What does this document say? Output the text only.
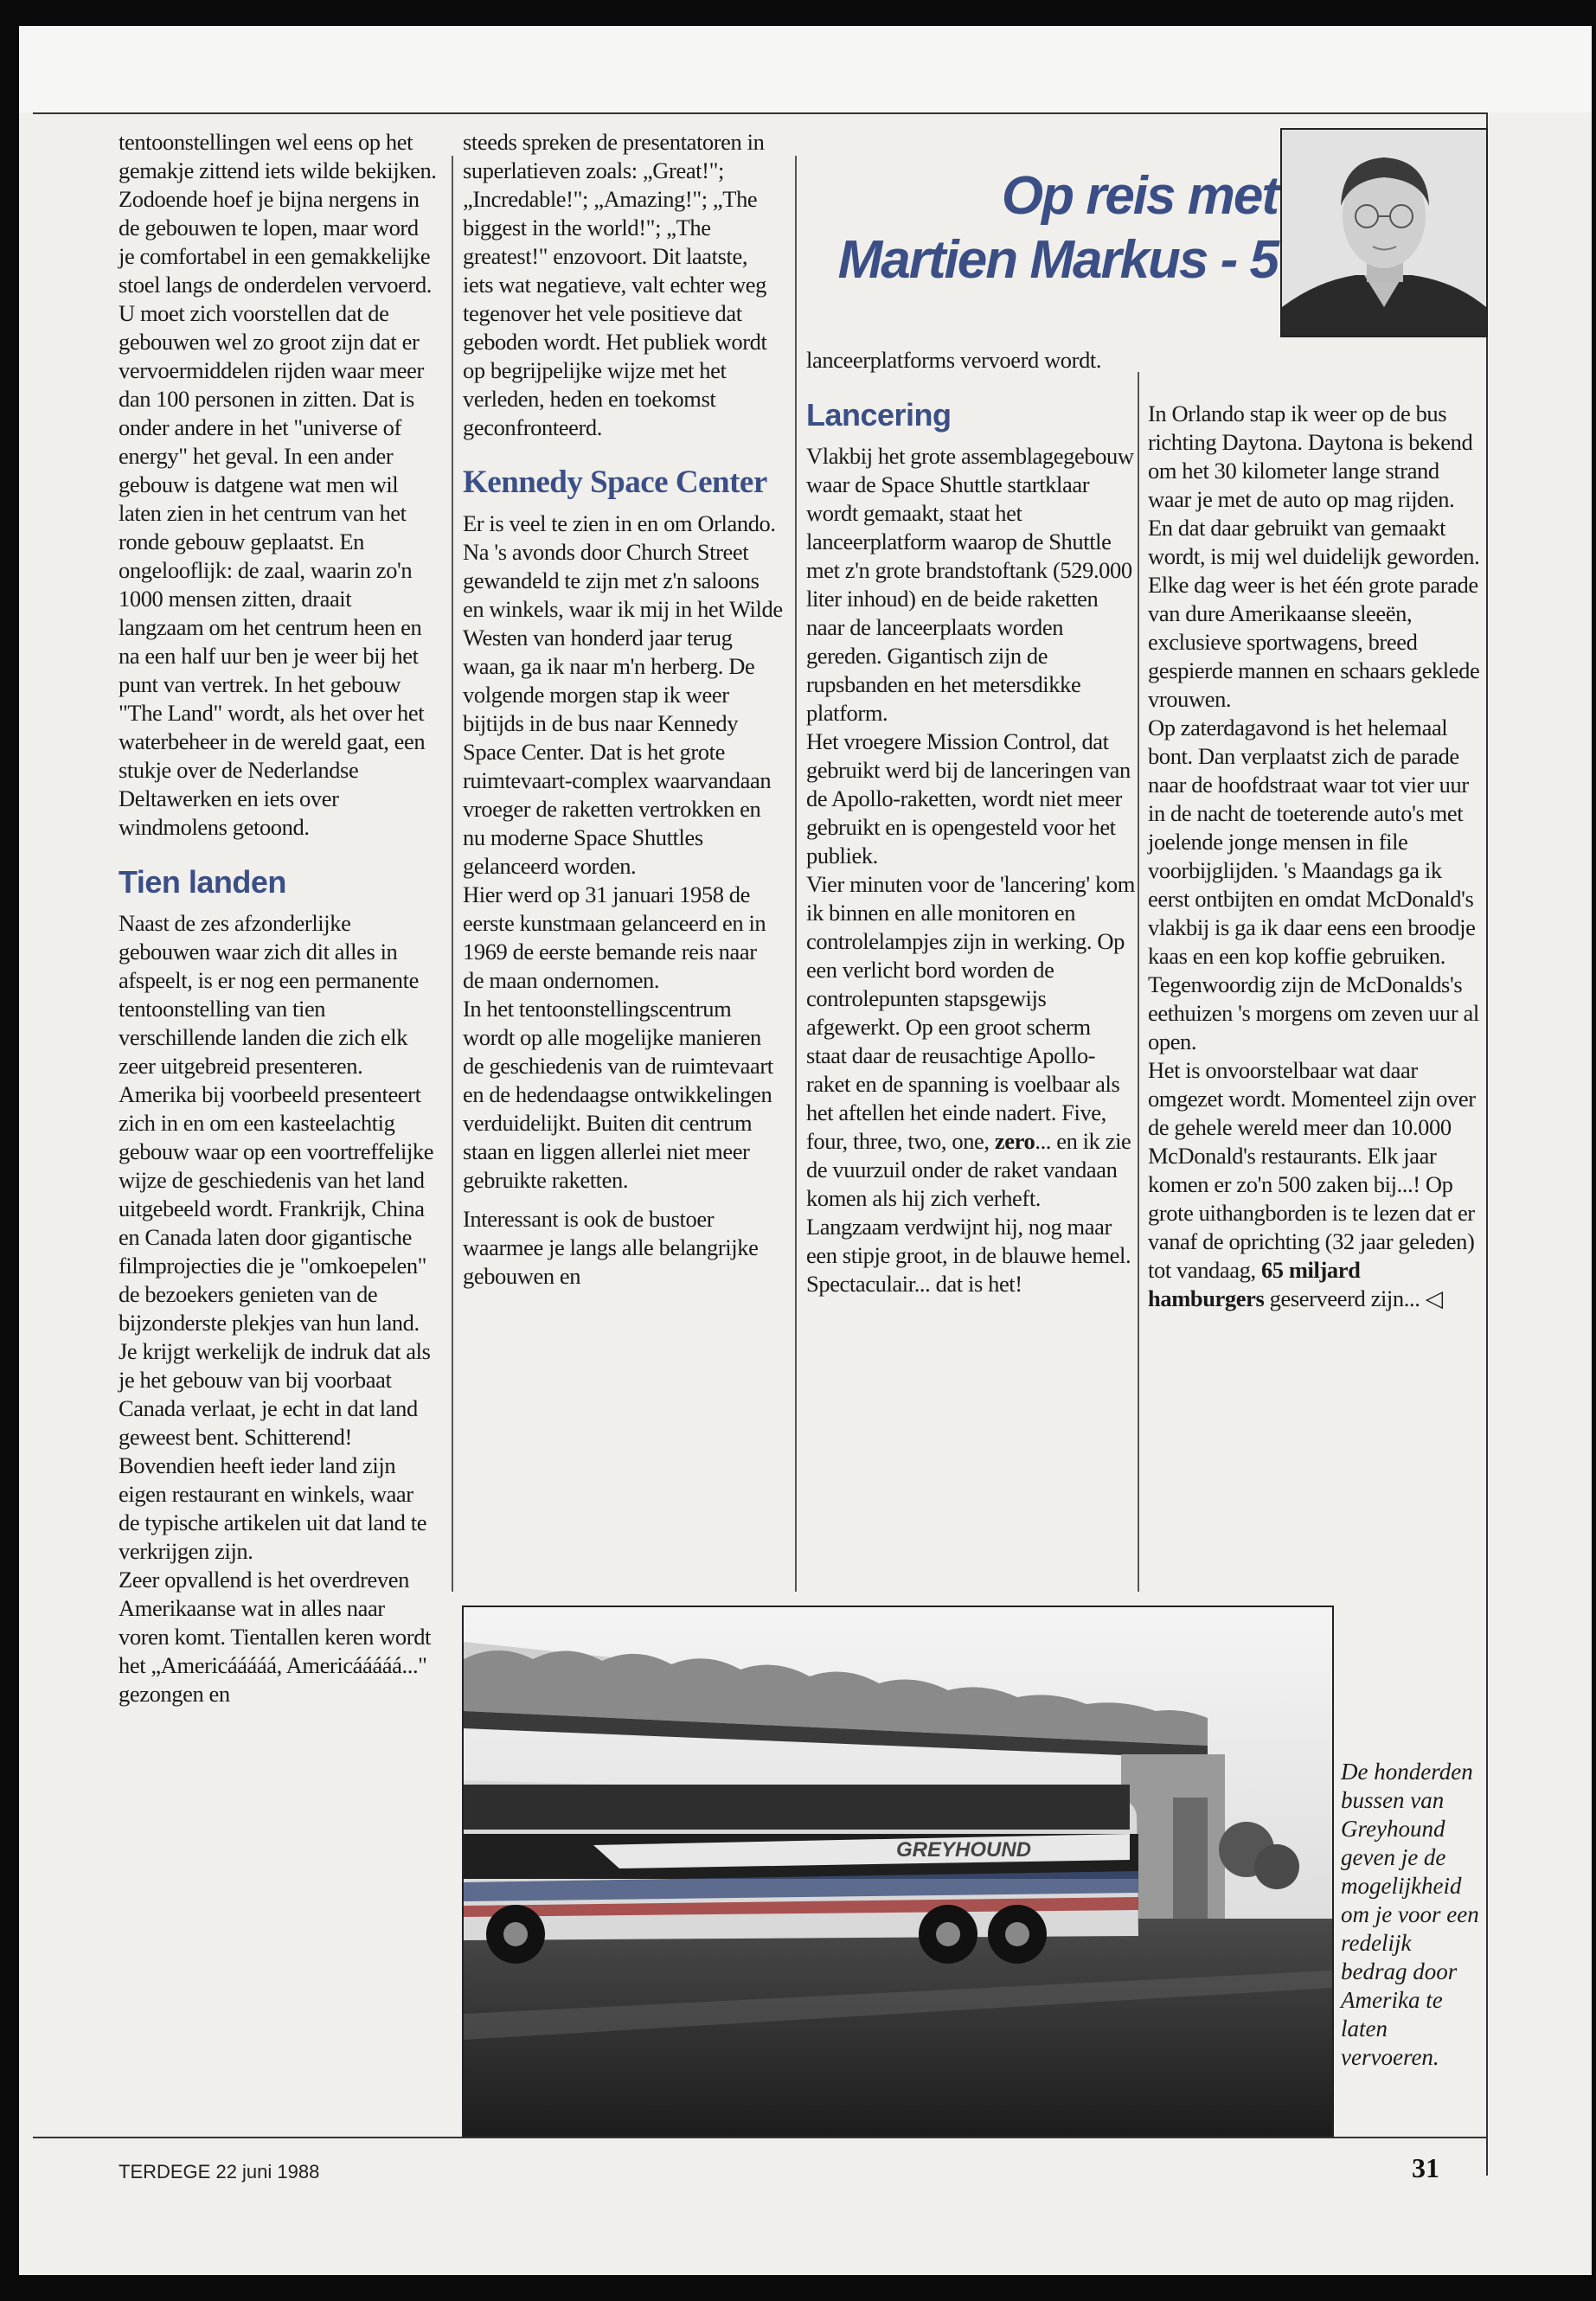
tentoonstellingen wel eens op het gemakje zittend iets wilde bekijken. Zodoende hoef je bijna nergens in de gebouwen te lopen, maar word je comfortabel in een gemakkelijke stoel langs de onderdelen vervoerd. U moet zich voorstellen dat de gebouwen wel zo groot zijn dat er vervoermiddelen rijden waar meer dan 100 personen in zitten. Dat is onder andere in het "universe of energy" het geval. In een ander gebouw is datgene wat men wil laten zien in het centrum van het ronde gebouw geplaatst. En ongelooflijk: de zaal, waarin zo'n 1000 mensen zitten, draait langzaam om het centrum heen en na een half uur ben je weer bij het punt van vertrek. In het gebouw "The Land" wordt, als het over het waterbeheer in de wereld gaat, een stukje over de Nederlandse Deltawerken en iets over windmolens getoond.

Tien landen

Naast de zes afzonderlijke gebouwen waar zich dit alles in afspeelt, is er nog een permanente tentoonstelling van tien verschillende landen die zich elk zeer uitgebreid presenteren. Amerika bij voorbeeld presenteert zich in en om een kasteelachtig gebouw waar op een voortreffelijke wijze de geschiedenis van het land uitgebeeld wordt. Frankrijk, China en Canada laten door gigantische filmprojecties die je "omkoepelen" de bezoekers genieten van de bijzonderste plekjes van hun land. Je krijgt werkelijk de indruk dat als je het gebouw van bij voorbaat Canada verlaat, je echt in dat land geweest bent. Schitterend! Bovendien heeft ieder land zijn eigen restaurant en winkels, waar de typische artikelen uit dat land te verkrijgen zijn.

Zeer opvallend is het overdreven Amerikaanse wat in alles naar voren komt. Tientallen keren wordt het „Americááááá, Americááááá..." gezongen en

steeds spreken de presentatoren in superlatieven zoals: „Great!"; „Incredable!"; „Amazing!"; „The biggest in the world!"; „The greatest!" enzovoort. Dit laatste, iets wat negatieve, valt echter weg tegenover het vele positieve dat geboden wordt. Het publiek wordt op begrijpelijke wijze met het verleden, heden en toekomst geconfronteerd.

Kennedy Space Center

Er is veel te zien in en om Orlando. Na 's avonds door Church Street gewandeld te zijn met z'n saloons en winkels, waar ik mij in het Wilde Westen van honderd jaar terug waan, ga ik naar m'n herberg. De volgende morgen stap ik weer bijtijds in de bus naar Kennedy Space Center. Dat is het grote ruimtevaart-complex waarvandaan vroeger de raketten vertrokken en nu moderne Space Shuttles gelanceerd worden.

Hier werd op 31 januari 1958 de eerste kunstmaan gelanceerd en in 1969 de eerste bemande reis naar de maan ondernomen.

In het tentoonstellingscentrum wordt op alle mogelijke manieren de geschiedenis van de ruimtevaart en de hedendaagse ontwikkelingen verduidelijkt. Buiten dit centrum staan en liggen allerlei niet meer gebruikte raketten.

Interessant is ook de bustoer waarmee je langs alle belangrijke gebouwen en

Op reis met
Martien Markus - 5

lanceerplatforms vervoerd wordt.

Lancering

Vlakbij het grote assemblagegebouw waar de Space Shuttle startklaar wordt gemaakt, staat het lanceerplatform waarop de Shuttle met z'n grote brandstoftank (529.000 liter inhoud) en de beide raketten naar de lanceerplaats worden gereden. Gigantisch zijn de rupsbanden en het metersdikke platform.

Het vroegere Mission Control, dat gebruikt werd bij de lanceringen van de Apollo-raketten, wordt niet meer gebruikt en is opengesteld voor het publiek.

Vier minuten voor de 'lancering' kom ik binnen en alle monitoren en controlelampjes zijn in werking. Op een verlicht bord worden de controlepunten stapsgewijs afgewerkt. Op een groot scherm staat daar de reusachtige Apollo-raket en de spanning is voelbaar als het aftellen het einde nadert. Five, four, three, two, one, zero... en ik zie de vuurzuil onder de raket vandaan komen als hij zich verheft. Langzaam verdwijnt hij, nog maar een stipje groot, in de blauwe hemel. Spectaculair... dat is het!

In Orlando stap ik weer op de bus richting Daytona. Daytona is bekend om het 30 kilometer lange strand waar je met de auto op mag rijden. En dat daar gebruikt van gemaakt wordt, is mij wel duidelijk geworden. Elke dag weer is het één grote parade van dure Amerikaanse sleeën, exclusieve sportwagens, breed gespierde mannen en schaars geklede vrouwen.

Op zaterdagavond is het helemaal bont. Dan verplaatst zich de parade naar de hoofdstraat waar tot vier uur in de nacht de toeterende auto's met joelende jonge mensen in file voorbijglijden. 's Maandags ga ik eerst ontbijten en omdat McDonald's vlakbij is ga ik daar eens een broodje kaas en een kop koffie gebruiken. Tegenwoordig zijn de McDonalds's eethuizen 's morgens om zeven uur al open.

Het is onvoorstelbaar wat daar omgezet wordt. Momenteel zijn over de gehele wereld meer dan 10.000 McDonald's restaurants. Elk jaar komen er zo'n 500 zaken bij...! Op grote uithangborden is te lezen dat er vanaf de oprichting (32 jaar geleden) tot vandaag, 65 miljard hamburgers geserveerd zijn... ◁

GREYHOUND
De honderden bussen van Greyhound geven je de mogelijkheid om je voor een redelijk bedrag door Amerika te laten vervoeren.
TERDEGE 22 juni 1988	31
